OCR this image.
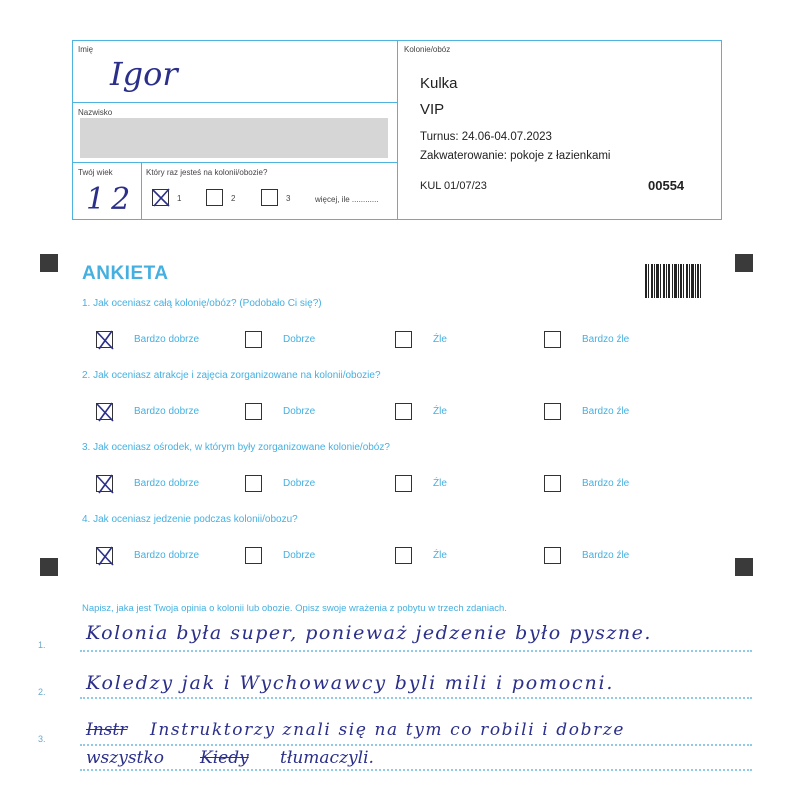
Imię
Igor
Nazwisko
Twój wiek
12
Który raz jesteś na kolonii/obozie?
1	2	3	więcej, ile ............
Kolonie/obóz
Kulka
VIP
Turnus: 24.06-04.07.2023
Zakwaterowanie: pokoje z łazienkami
KUL 01/07/23	00554
ANKIETA
1. Jak oceniasz całą kolonię/obóz? (Podobało Ci się?)
2. Jak oceniasz atrakcje i zajęcia zorganizowane na kolonii/obozie?
3. Jak oceniasz ośrodek, w którym były zorganizowane kolonie/obóz?
4. Jak oceniasz jedzenie podczas kolonii/obozu?
Bardzo dobrze	Dobrze	Źle	Bardzo źle
Bardzo dobrze	Dobrze	Źle	Bardzo źle
Bardzo dobrze	Dobrze	Źle	Bardzo źle
Bardzo dobrze	Dobrze	Źle	Bardzo źle
Napisz, jaka jest Twoja opinia o kolonii lub obozie. Opisz swoje wrażenia z pobytu w trzech zdaniach.
1.
2.
3.
Kolonia była super, ponieważ jedzenie było pyszne.
Koledzy jak i Wychowawcy byli mili i pomocni.
Instr Instruktorzy znali się na tym co robili i dobrze
wszystko Kiedy tłumaczyli.
